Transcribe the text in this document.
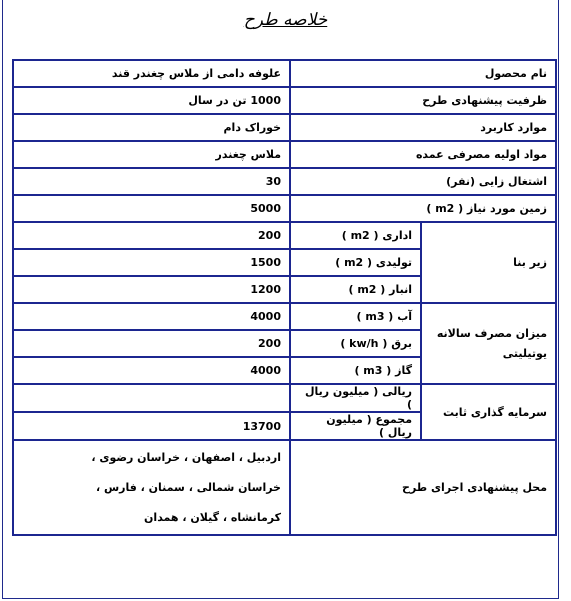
خلاصه طرح
نام محصول		علوفه دامی از ملاس چغندر قند
ظرفیت پیشنهادی طرح		1000 تن در سال
موارد کاربرد		خوراک دام
مواد اولیه مصرفی عمده		ملاس چغندر
اشتغال زایی (نفر)		30
زمین مورد نیاز ( m2 )		5000
زیر بنا	اداری ( m2 )	200
	تولیدی ( m2 )	1500
	انبار ( m2 )	1200
میزان مصرف سالانه یوتیلیتی	آب ( m3 )	4000
	برق ( kw/h )	200
	گاز ( m3 )	4000
سرمایه گذاری ثابت	ریالی ( میلیون ریال )	
	مجموع ( میلیون ریال )	13700
محل پیشنهادی اجرای طرح		اردبیل ، اصفهان ، خراسان رضوی ،
خراسان شمالی ، سمنان ، فارس ،
کرمانشاه ، گیلان ، همدان
